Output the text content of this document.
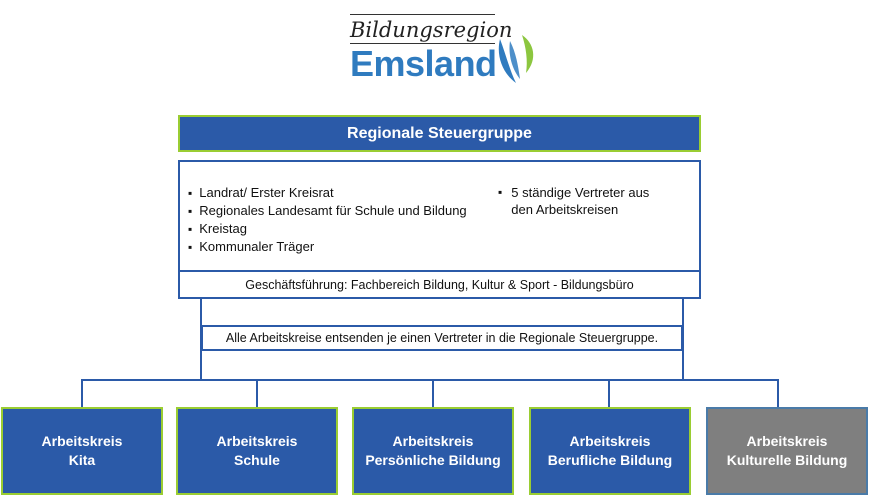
Bildungsregion
Emsland
Regionale Steuergruppe
▪ Landrat/ Erster Kreisrat
▪ Regionales Landesamt für Schule und Bildung
▪ Kreistag
▪ Kommunaler Träger
▪ 5 ständige Vertreter aus den Arbeitskreisen
Geschäftsführung: Fachbereich Bildung, Kultur & Sport - Bildungsbüro
Alle Arbeitskreise entsenden je einen Vertreter in die Regionale Steuergruppe.
Arbeitskreis
Kita
Arbeitskreis
Schule
Arbeitskreis
Persönliche Bildung
Arbeitskreis
Berufliche Bildung
Arbeitskreis
Kulturelle Bildung
